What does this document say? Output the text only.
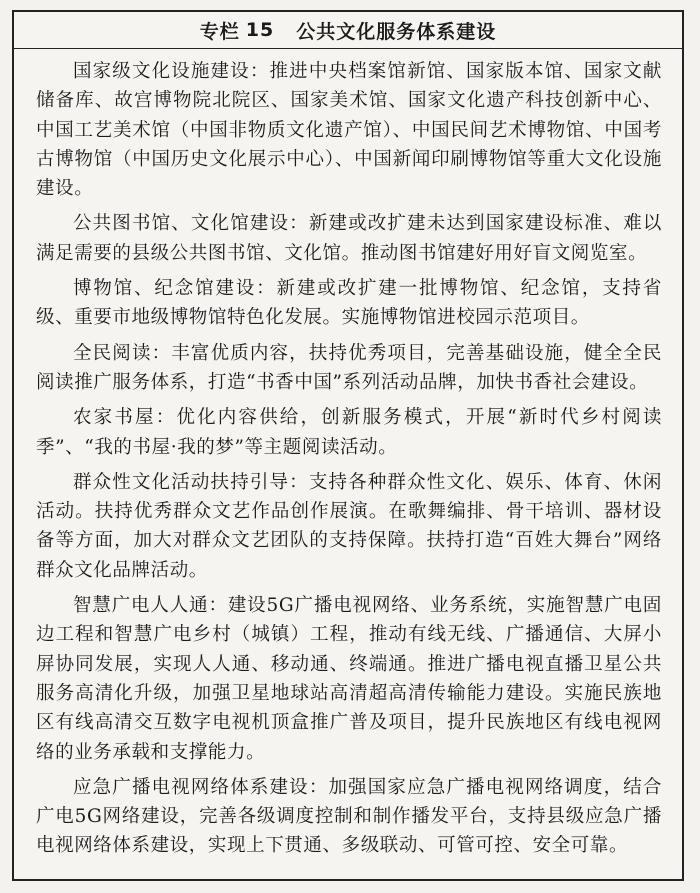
专栏 15 公共文化服务体系建设

国家级文化设施建设：推进中央档案馆新馆、国家版本馆、国家文献储备库、故宫博物院北院区、国家美术馆、国家文化遗产科技创新中心、中国工艺美术馆（中国非物质文化遗产馆）、中国民间艺术博物馆、中国考古博物馆（中国历史文化展示中心）、中国新闻印刷博物馆等重大文化设施建设。

公共图书馆、文化馆建设：新建或改扩建未达到国家建设标准、难以满足需要的县级公共图书馆、文化馆。推动图书馆建好用好盲文阅览室。

博物馆、纪念馆建设：新建或改扩建一批博物馆、纪念馆，支持省级、重要市地级博物馆特色化发展。实施博物馆进校园示范项目。

全民阅读：丰富优质内容，扶持优秀项目，完善基础设施，健全全民阅读推广服务体系，打造“书香中国”系列活动品牌，加快书香社会建设。

农家书屋：优化内容供给，创新服务模式，开展“新时代乡村阅读季”、“我的书屋·我的梦”等主题阅读活动。

群众性文化活动扶持引导：支持各种群众性文化、娱乐、体育、休闲活动。扶持优秀群众文艺作品创作展演。在歌舞编排、骨干培训、器材设备等方面，加大对群众文艺团队的支持保障。扶持打造“百姓大舞台”网络群众文化品牌活动。

智慧广电人人通：建设5G广播电视网络、业务系统，实施智慧广电固边工程和智慧广电乡村（城镇）工程，推动有线无线、广播通信、大屏小屏协同发展，实现人人通、移动通、终端通。推进广播电视直播卫星公共服务高清化升级，加强卫星地球站高清超高清传输能力建设。实施民族地区有线高清交互数字电视机顶盒推广普及项目，提升民族地区有线电视网络的业务承载和支撑能力。

应急广播电视网络体系建设：加强国家应急广播电视网络调度，结合广电5G网络建设，完善各级调度控制和制作播发平台，支持县级应急广播电视网络体系建设，实现上下贯通、多级联动、可管可控、安全可靠。
